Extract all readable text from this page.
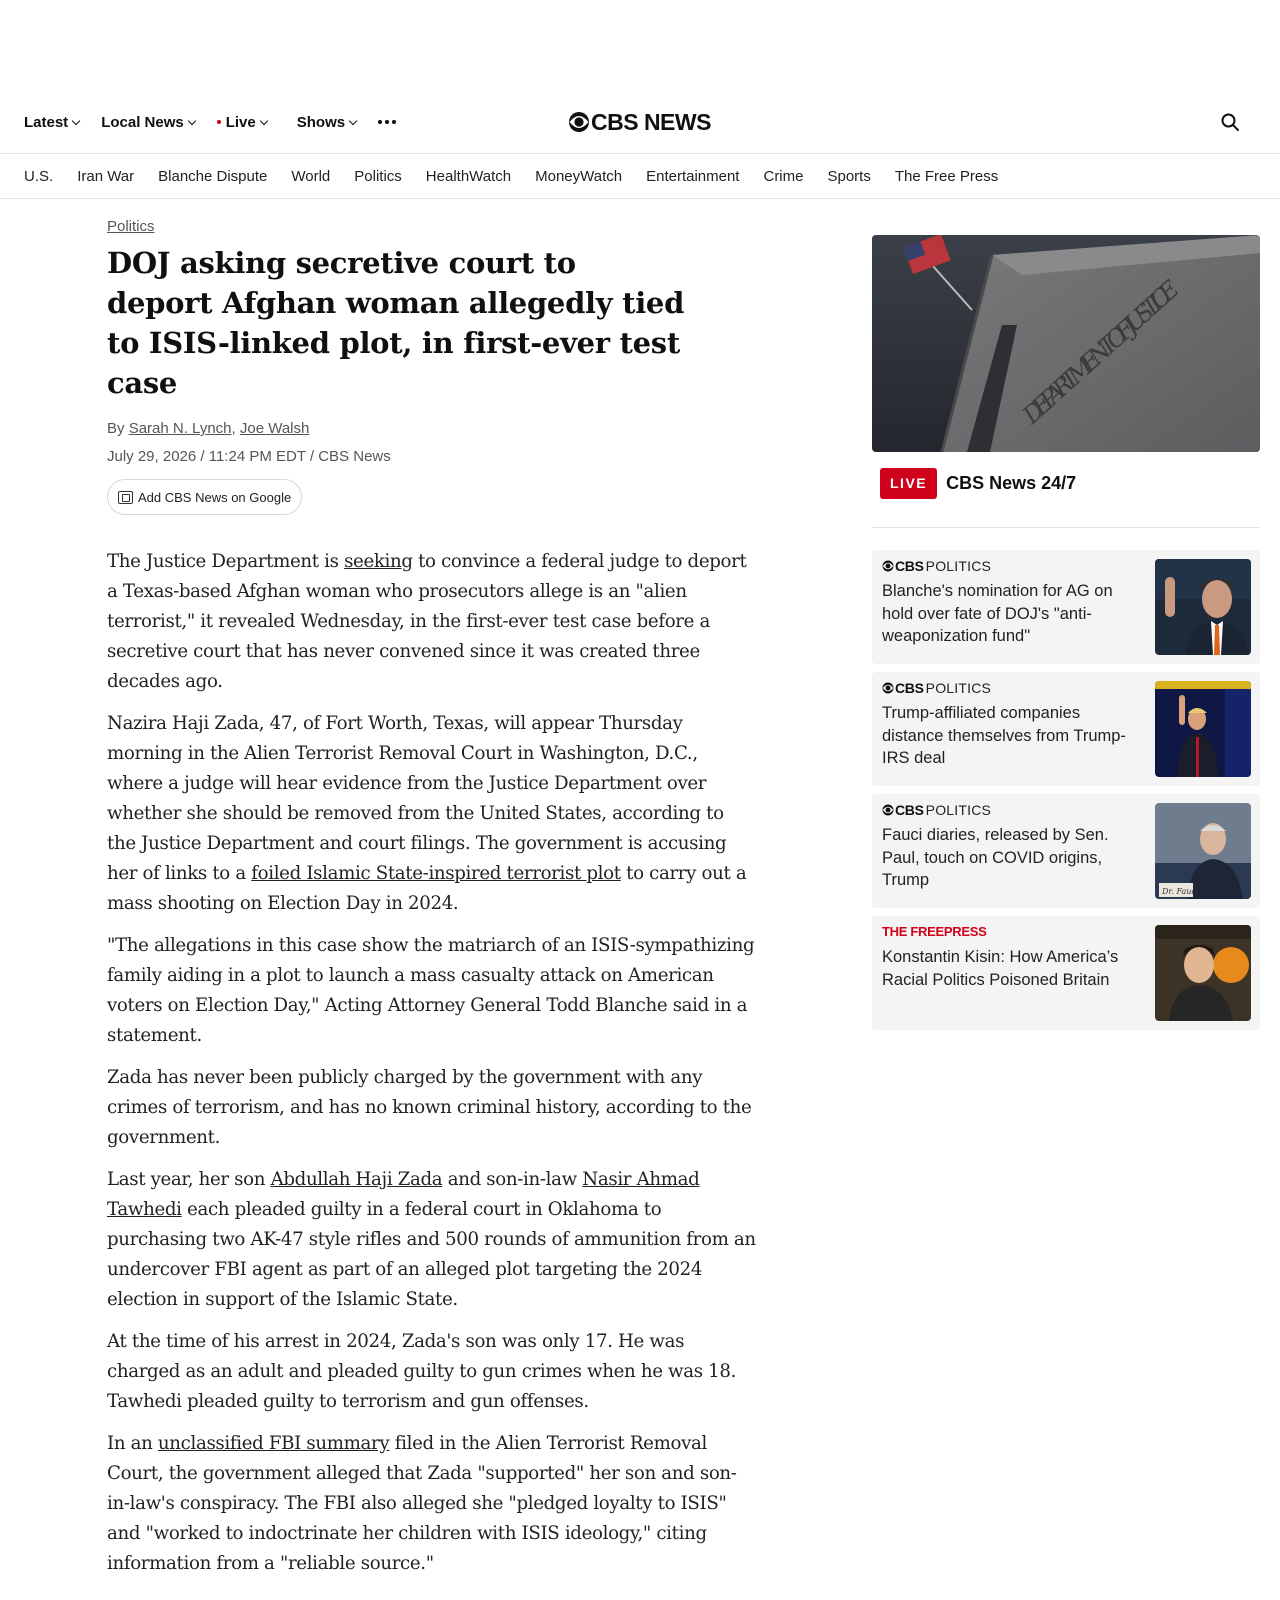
Latest Local News	Live	Shows	CBS NEWS
U.S. Iran War Blanche Dispute World Politics HealthWatch MoneyWatch Entertainment Crime Sports The Free Press
Politics
DOJ asking secretive court to deport Afghan woman allegedly tied to ISIS-linked plot, in first-ever test case
By Sarah N. Lynch, Joe Walsh
July 29, 2026 / 11:24 PM EDT / CBS News
Add CBS News on Google

The Justice Department is seeking to convince a federal judge to deport a Texas-based Afghan woman who prosecutors allege is an "alien terrorist," it revealed Wednesday, in the first-ever test case before a secretive court that has never convened since it was created three decades ago.

Nazira Haji Zada, 47, of Fort Worth, Texas, will appear Thursday morning in the Alien Terrorist Removal Court in Washington, D.C., where a judge will hear evidence from the Justice Department over whether she should be removed from the United States, according to the Justice Department and court filings. The government is accusing her of links to a foiled Islamic State-inspired terrorist plot to carry out a mass shooting on Election Day in 2024.

"The allegations in this case show the matriarch of an ISIS-sympathizing family aiding in a plot to launch a mass casualty attack on American voters on Election Day," Acting Attorney General Todd Blanche said in a statement.

Zada has never been publicly charged by the government with any crimes of terrorism, and has no known criminal history, according to the government.

Last year, her son Abdullah Haji Zada and son-in-law Nasir Ahmad Tawhedi each pleaded guilty in a federal court in Oklahoma to purchasing two AK-47 style rifles and 500 rounds of ammunition from an undercover FBI agent as part of an alleged plot targeting the 2024 election in support of the Islamic State.

At the time of his arrest in 2024, Zada's son was only 17. He was charged as an adult and pleaded guilty to gun crimes when he was 18. Tawhedi pleaded guilty to terrorism and gun offenses.

In an unclassified FBI summary filed in the Alien Terrorist Removal Court, the government alleged that Zada "supported" her son and son-in-law's conspiracy. The FBI also alleged she "pledged loyalty to ISIS" and "worked to indoctrinate her children with ISIS ideology," citing information from a "reliable source."

DEPARTMENT OF JUSTICE
LIVE	CBS News 24/7
CBS POLITICS
Blanche's nomination for AG on hold over fate of DOJ's "anti-weaponization fund"
CBS POLITICS
Trump-affiliated companies distance themselves from Trump-IRS deal
CBS POLITICS
Fauci diaries, released by Sen. Paul, touch on COVID origins, Trump
Dr. Fauci
THE FREEPRESS
Konstantin Kisin: How America’s Racial Politics Poisoned Britain
